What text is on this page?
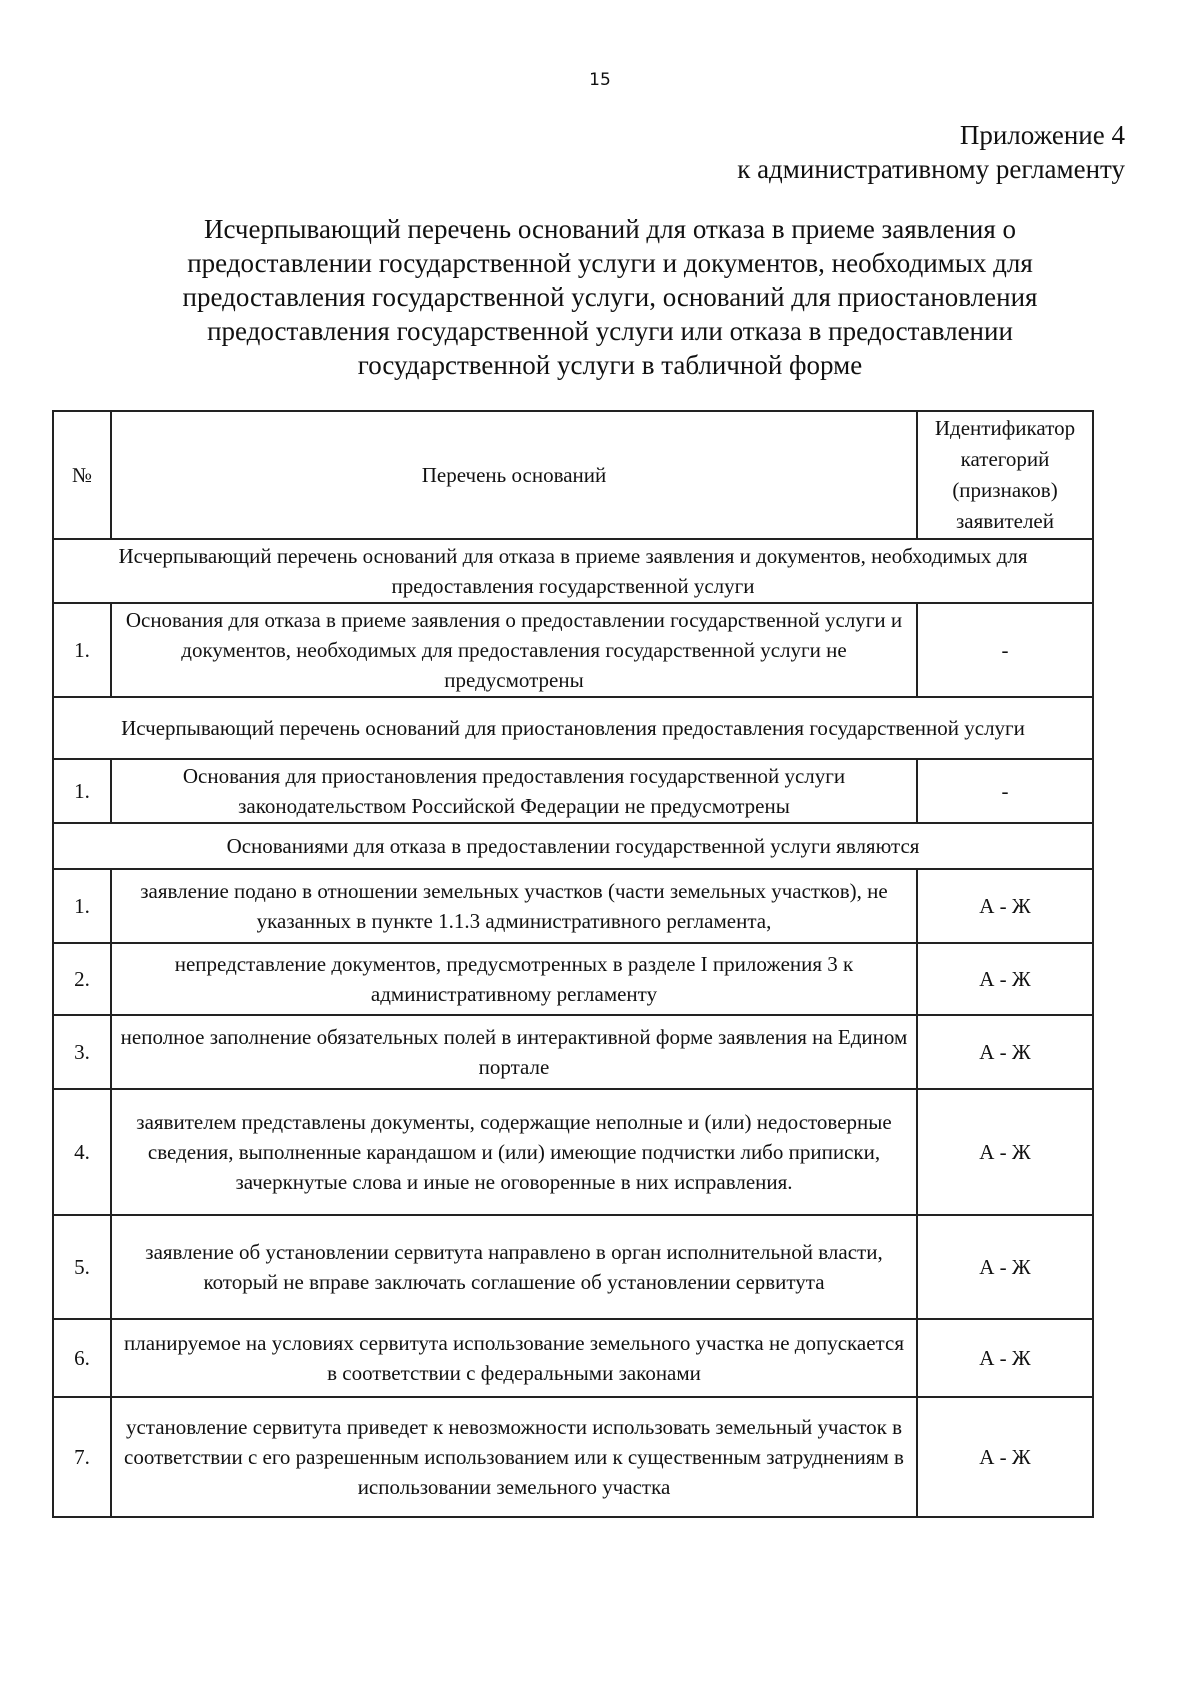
15
Приложение 4
к административному регламенту
Исчерпывающий перечень оснований для отказа в приеме заявления о предоставлении государственной услуги и документов, необходимых для предоставления государственной услуги, оснований для приостановления предоставления государственной услуги или отказа в предоставлении государственной услуги в табличной форме
№	Перечень оснований	Идентификатор категорий (признаков) заявителей
Исчерпывающий перечень оснований для отказа в приеме заявления и документов, необходимых для предоставления государственной услуги		
1.	Основания для отказа в приеме заявления о предоставлении государственной услуги и документов, необходимых для предоставления государственной услуги не предусмотрены	-
Исчерпывающий перечень оснований для приостановления предоставления государственной услуги		
1.	Основания для приостановления предоставления государственной услуги законодательством Российской Федерации не предусмотрены	-
Основаниями для отказа в предоставлении государственной услуги являются		
1.	заявление подано в отношении земельных участков (части земельных участков), не указанных в пункте 1.1.3 административного регламента,	А - Ж
2.	непредставление документов, предусмотренных в разделе I приложения 3 к административному регламенту	А - Ж
3.	неполное заполнение обязательных полей в интерактивной форме заявления на Едином портале	А - Ж
4.	заявителем представлены документы, содержащие неполные и (или) недостоверные сведения, выполненные карандашом и (или) имеющие подчистки либо приписки, зачеркнутые слова и иные не оговоренные в них исправления.	А - Ж
5.	заявление об установлении сервитута направлено в орган исполнительной власти, который не вправе заключать соглашение об установлении сервитута	А - Ж
6.	планируемое на условиях сервитута использование земельного участка не допускается в соответствии с федеральными законами	А - Ж
7.	установление сервитута приведет к невозможности использовать земельный участок в соответствии с его разрешенным использованием или к существенным затруднениям в использовании земельного участка	А - Ж
